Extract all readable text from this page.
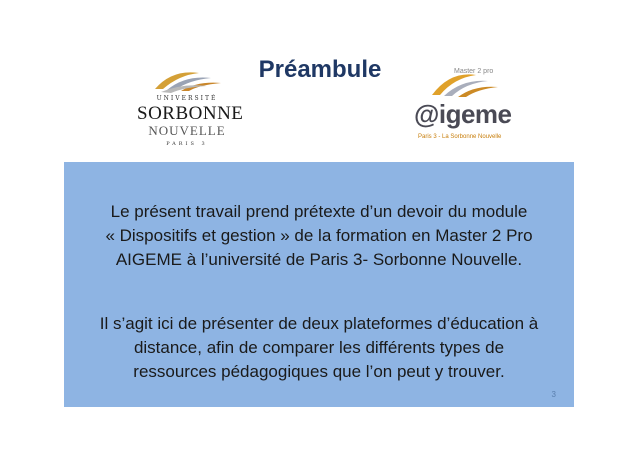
Préambule
UNIVERSITÉ
SORBONNE
NOUVELLE
PARIS 3
Master 2 pro
@igeme
Paris 3 - La Sorbonne Nouvelle
Le présent travail prend prétexte d’un devoir du module
« Dispositifs et gestion » de la formation en Master 2 Pro
AIGEME à l’université de Paris 3- Sorbonne Nouvelle.
Il s’agit ici de présenter de deux plateformes d’éducation à
distance, afin de comparer les différents types de
ressources pédagogiques que l’on peut y trouver.
3
